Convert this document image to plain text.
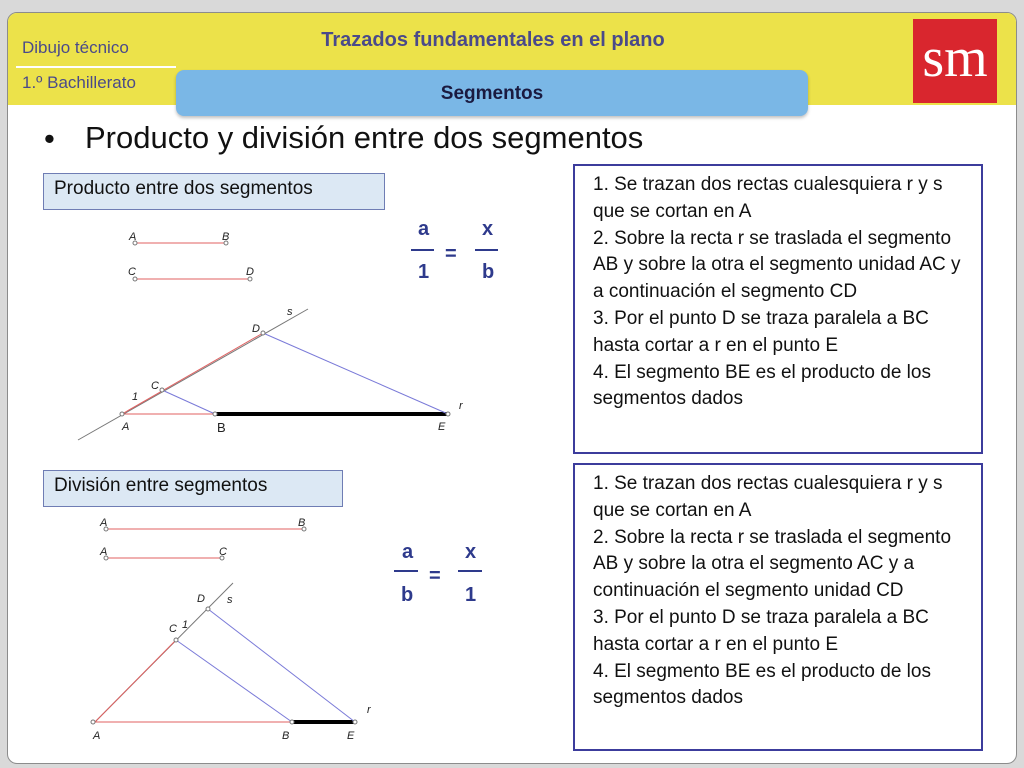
Dibujo técnico
1.º Bachillerato
Trazados fundamentales en el plano	sm
Segmentos
• Producto y división entre dos segmentos
Producto entre dos segmentos
a
1
=
x
b

1. Se trazan dos rectas cualesquiera r y s que se cortan en A

2. Sobre la recta r se traslada el segmento AB y sobre la otra el segmento unidad AC y a continuación el segmento CD

3. Por el punto D se traza paralela a BC hasta cortar a r en el punto E

4. El segmento BE es el producto de los segmentos dados

A	B
C	D
s
D
C
1
A	B	E
r
División entre segmentos
a
b
=
x
1

1. Se trazan dos rectas cualesquiera r y s que se cortan en A

2. Sobre la recta r se traslada el segmento AB y sobre la otra el segmento AC y a continuación el segmento unidad CD

3. Por el punto D se traza paralela a BC hasta cortar a r en el punto E

4. El segmento BE es el producto de los segmentos dados

A	B
A	C
D s
C 1
r
A	B	E
